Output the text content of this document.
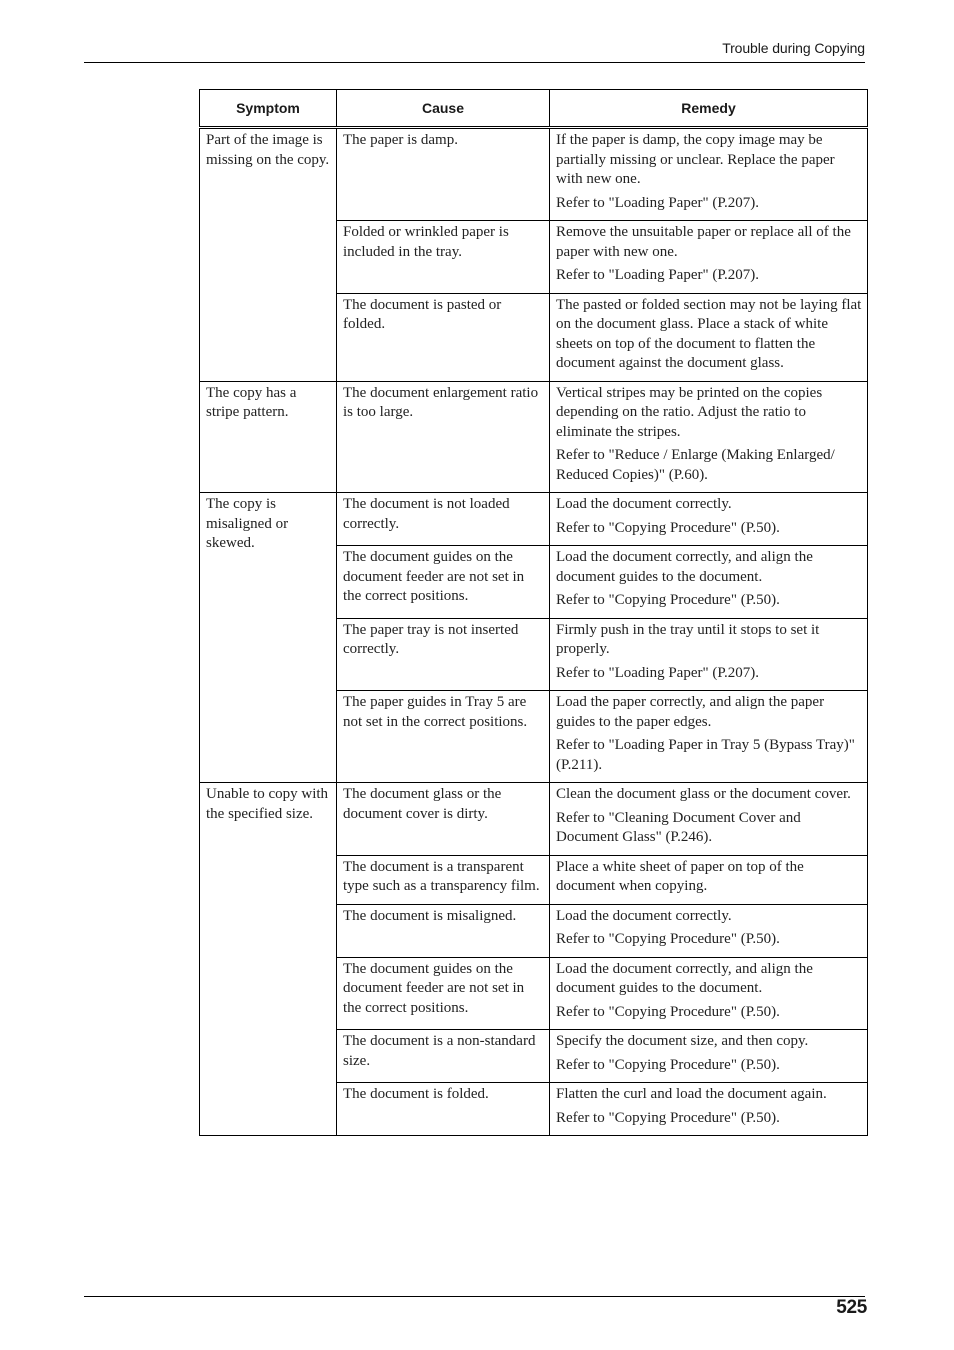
Trouble during Copying
Symptom	Cause	Remedy
Part of the image is missing on the copy.	The paper is damp.	If the paper is damp, the copy image may be partially missing or unclear. Replace the paper with new one.

Refer to "Loading Paper" (P.207).

	Folded or wrinkled paper is included in the tray.	Remove the unsuitable paper or replace all of the paper with new one.

Refer to "Loading Paper" (P.207).

	The document is pasted or folded.	The pasted or folded section may not be laying flat on the document glass. Place a stack of white sheets on top of the document to flatten the document against the document glass.

The copy has a stripe pattern.	The document enlargement ratio is too large.	Vertical stripes may be printed on the copies depending on the ratio. Adjust the ratio to eliminate the stripes.

Refer to "Reduce / Enlarge (Making Enlarged/ Reduced Copies)" (P.60).

The copy is misaligned or skewed.	The document is not loaded correctly.	Load the document correctly.

Refer to "Copying Procedure" (P.50).

	The document guides on the document feeder are not set in the correct positions.	Load the document correctly, and align the document guides to the document.

Refer to "Copying Procedure" (P.50).

	The paper tray is not inserted correctly.	Firmly push in the tray until it stops to set it properly.

Refer to "Loading Paper" (P.207).

	The paper guides in Tray 5 are not set in the correct positions.	Load the paper correctly, and align the paper guides to the paper edges.

Refer to "Loading Paper in Tray 5 (Bypass Tray)" (P.211).

Unable to copy with the specified size.	The document glass or the document cover is dirty.	Clean the document glass or the document cover.

Refer to "Cleaning Document Cover and Document Glass" (P.246).

	The document is a transparent type such as a transparency film.	Place a white sheet of paper on top of the document when copying.

	The document is misaligned.	Load the document correctly.

Refer to "Copying Procedure" (P.50).

	The document guides on the document feeder are not set in the correct positions.	Load the document correctly, and align the document guides to the document.

Refer to "Copying Procedure" (P.50).

	The document is a non-standard size.	Specify the document size, and then copy.

Refer to "Copying Procedure" (P.50).

	The document is folded.	Flatten the curl and load the document again.

Refer to "Copying Procedure" (P.50).

525
